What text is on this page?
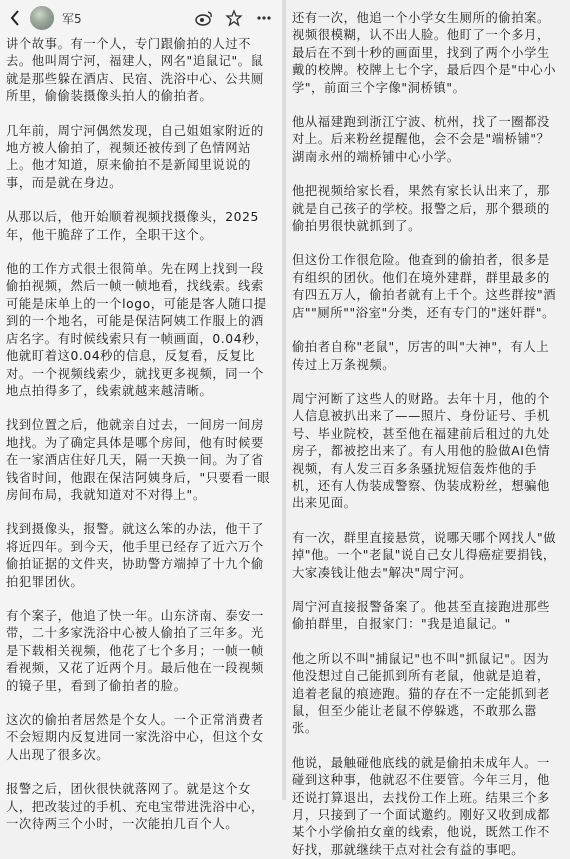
军5
讲个故事。有一个人，专门跟偷拍的人过不去。他叫周宁河，福建人，网名"追鼠记"。鼠就是那些躲在酒店、民宿、洗浴中心、公共厕所里，偷偷装摄像头拍人的偷拍者。
几年前，周宁河偶然发现，自己姐姐家附近的地方被人偷拍了，视频还被传到了色情网站上。他才知道，原来偷拍不是新闻里说说的事，而是就在身边。
从那以后，他开始顺着视频找摄像头，2025年，他干脆辞了工作，全职干这个。
他的工作方式很土很简单。先在网上找到一段偷拍视频，然后一帧一帧地看，找线索。线索可能是床单上的一个logo，可能是客人随口提到的一个地名，可能是保洁阿姨工作服上的酒店名字。有时候线索只有一帧画面，0.04秒，他就盯着这0.04秒的信息，反复看，反复比对。一个视频线索少，就找更多视频，同一个地点拍得多了，线索就越来越清晰。
找到位置之后，他就亲自过去，一间房一间房地找。为了确定具体是哪个房间，他有时候要在一家酒店住好几天，隔一天换一间。为了省钱省时间，他跟在保洁阿姨身后，"只要看一眼房间布局，我就知道对不对得上"。
找到摄像头，报警。就这么笨的办法，他干了将近四年。到今天，他手里已经存了近六万个偷拍证据的文件夹，协助警方端掉了十九个偷拍犯罪团伙。
有个案子，他追了快一年。山东济南、泰安一带，二十多家洗浴中心被人偷拍了三年多。光是下载相关视频，他花了七个多月；一帧一帧看视频，又花了近两个月。最后他在一段视频的镜子里，看到了偷拍者的脸。
这次的偷拍者居然是个女人。一个正常消费者不会短期内反复进同一家洗浴中心，但这个女人出现了很多次。
报警之后，团伙很快就落网了。就是这个女人，把改装过的手机、充电宝带进洗浴中心，一次待两三个小时，一次能拍几百个人。
还有一次，他追一个小学女生厕所的偷拍案。视频很模糊，认不出人脸。他盯了一个多月，最后在不到十秒的画面里，找到了两个小学生戴的校牌。校牌上七个字，最后四个是"中心小学"，前面三个字像"洞桥镇"。
他从福建跑到浙江宁波、杭州，找了一圈都没对上。后来粉丝提醒他，会不会是"端桥铺"？湖南永州的端桥铺中心小学。
他把视频给家长看，果然有家长认出来了，那就是自己孩子的学校。报警之后，那个猥琐的偷拍男很快就抓到了。
但这份工作很危险。他查到的偷拍者，很多是有组织的团伙。他们在境外建群，群里最多的有四五万人，偷拍者就有上千个。这些群按"酒店""厕所""浴室"分类，还有专门的"迷奸群"。
偷拍者自称"老鼠"，厉害的叫"大神"，有人上传过上万条视频。
周宁河断了这些人的财路。去年十月，他的个人信息被扒出来了——照片、身份证号、手机号、毕业院校，甚至他在福建前后租过的九处房子，都被挖出来了。有人用他的脸做AI色情视频，有人发三百多条骚扰短信轰炸他的手机，还有人伪装成警察、伪装成粉丝，想骗他出来见面。
有一次，群里直接悬赏，说哪天哪个网找人"做掉"他。一个"老鼠"说自己女儿得癌症要捐钱，大家凑钱让他去"解决"周宁河。
周宁河直接报警备案了。他甚至直接跑进那些偷拍群里，自报家门："我是追鼠记。"
他之所以不叫"捕鼠记"也不叫"抓鼠记"。因为他没想过自己能抓到所有老鼠，他就是追着，追着老鼠的痕迹跑。猫的存在不一定能抓到老鼠，但至少能让老鼠不停躲逃，不敢那么嚣张。
他说，最触碰他底线的就是偷拍未成年人。一碰到这种事，他就忍不住要管。今年三月，他还说打算退出，去找份工作上班。结果三个多月，只接到了一个面试邀约。刚好又收到成都某个小学偷拍女童的线索，他说，既然工作不好找，那就继续干点对社会有益的事吧。
